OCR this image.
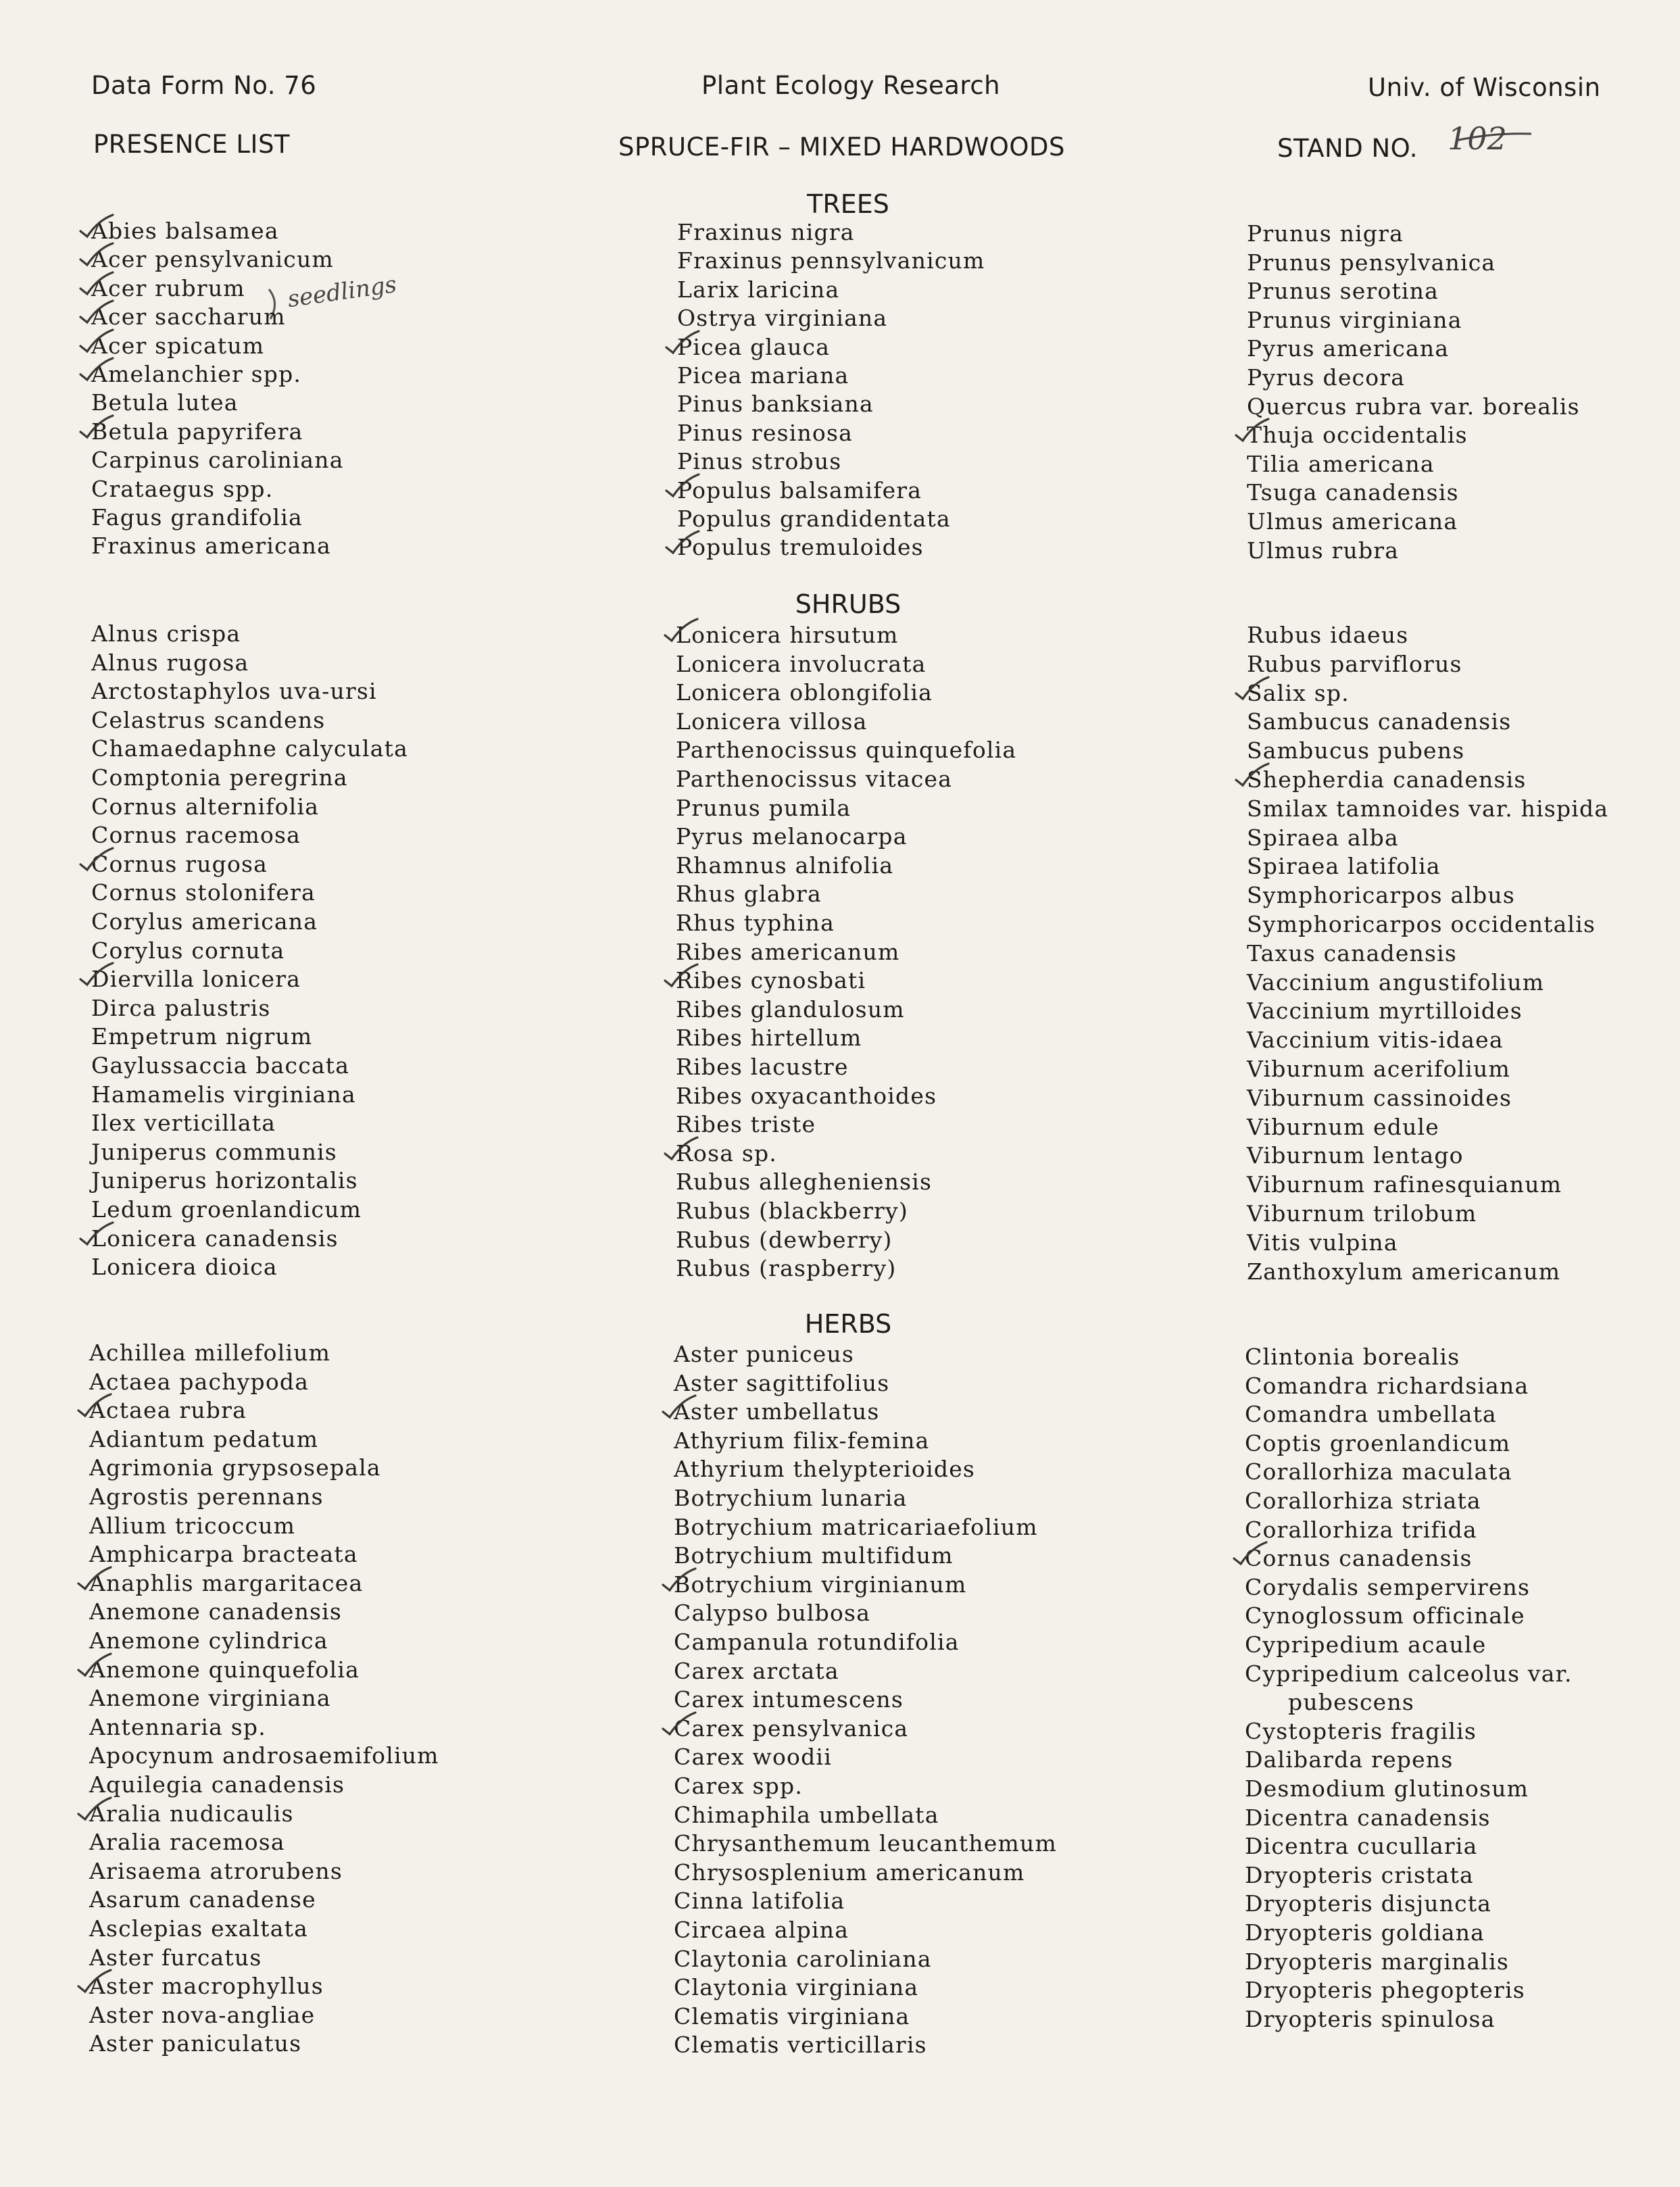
Data Form No. 76	Plant Ecology Research	Univ. of Wisconsin
PRESENCE LIST	SPRUCE-FIR – MIXED HARDWOODS	STAND NO. 102
TREES
SHRUBS
HERBS
seedlings
Abies balsamea
Acer pensylvanicum
Acer rubrum
Acer saccharum
Acer spicatum
Amelanchier spp.
Betula lutea
Betula papyrifera
Carpinus caroliniana
Crataegus spp.
Fagus grandifolia
Fraxinus americana
Fraxinus nigra
Fraxinus pennsylvanicum
Larix laricina
Ostrya virginiana
Picea glauca
Picea mariana
Pinus banksiana
Pinus resinosa
Pinus strobus
Populus balsamifera
Populus grandidentata
Populus tremuloides
Prunus nigra
Prunus pensylvanica
Prunus serotina
Prunus virginiana
Pyrus americana
Pyrus decora
Quercus rubra var. borealis
Thuja occidentalis
Tilia americana
Tsuga canadensis
Ulmus americana
Ulmus rubra
Alnus crispa
Alnus rugosa
Arctostaphylos uva-ursi
Celastrus scandens
Chamaedaphne calyculata
Comptonia peregrina
Cornus alternifolia
Cornus racemosa
Cornus rugosa
Cornus stolonifera
Corylus americana
Corylus cornuta
Diervilla lonicera
Dirca palustris
Empetrum nigrum
Gaylussaccia baccata
Hamamelis virginiana
Ilex verticillata
Juniperus communis
Juniperus horizontalis
Ledum groenlandicum
Lonicera canadensis
Lonicera dioica
Lonicera hirsutum
Lonicera involucrata
Lonicera oblongifolia
Lonicera villosa
Parthenocissus quinquefolia
Parthenocissus vitacea
Prunus pumila
Pyrus melanocarpa
Rhamnus alnifolia
Rhus glabra
Rhus typhina
Ribes americanum
Ribes cynosbati
Ribes glandulosum
Ribes hirtellum
Ribes lacustre
Ribes oxyacanthoides
Ribes triste
Rosa sp.
Rubus allegheniensis
Rubus (blackberry)
Rubus (dewberry)
Rubus (raspberry)
Rubus idaeus
Rubus parviflorus
Salix sp.
Sambucus canadensis
Sambucus pubens
Shepherdia canadensis
Smilax tamnoides var. hispida
Spiraea alba
Spiraea latifolia
Symphoricarpos albus
Symphoricarpos occidentalis
Taxus canadensis
Vaccinium angustifolium
Vaccinium myrtilloides
Vaccinium vitis-idaea
Viburnum acerifolium
Viburnum cassinoides
Viburnum edule
Viburnum lentago
Viburnum rafinesquianum
Viburnum trilobum
Vitis vulpina
Zanthoxylum americanum
Achillea millefolium
Actaea pachypoda
Actaea rubra
Adiantum pedatum
Agrimonia grypsosepala
Agrostis perennans
Allium tricoccum
Amphicarpa bracteata
Anaphlis margaritacea
Anemone canadensis
Anemone cylindrica
Anemone quinquefolia
Anemone virginiana
Antennaria sp.
Apocynum androsaemifolium
Aquilegia canadensis
Aralia nudicaulis
Aralia racemosa
Arisaema atrorubens
Asarum canadense
Asclepias exaltata
Aster furcatus
Aster macrophyllus
Aster nova-angliae
Aster paniculatus
Aster puniceus
Aster sagittifolius
Aster umbellatus
Athyrium filix-femina
Athyrium thelypterioides
Botrychium lunaria
Botrychium matricariaefolium
Botrychium multifidum
Botrychium virginianum
Calypso bulbosa
Campanula rotundifolia
Carex arctata
Carex intumescens
Carex pensylvanica
Carex woodii
Carex spp.
Chimaphila umbellata
Chrysanthemum leucanthemum
Chrysosplenium americanum
Cinna latifolia
Circaea alpina
Claytonia caroliniana
Claytonia virginiana
Clematis virginiana
Clematis verticillaris
Clintonia borealis
Comandra richardsiana
Comandra umbellata
Coptis groenlandicum
Corallorhiza maculata
Corallorhiza striata
Corallorhiza trifida
Cornus canadensis
Corydalis sempervirens
Cynoglossum officinale
Cypripedium acaule
Cypripedium calceolus var.
pubescens
Cystopteris fragilis
Dalibarda repens
Desmodium glutinosum
Dicentra canadensis
Dicentra cucullaria
Dryopteris cristata
Dryopteris disjuncta
Dryopteris goldiana
Dryopteris marginalis
Dryopteris phegopteris
Dryopteris spinulosa
